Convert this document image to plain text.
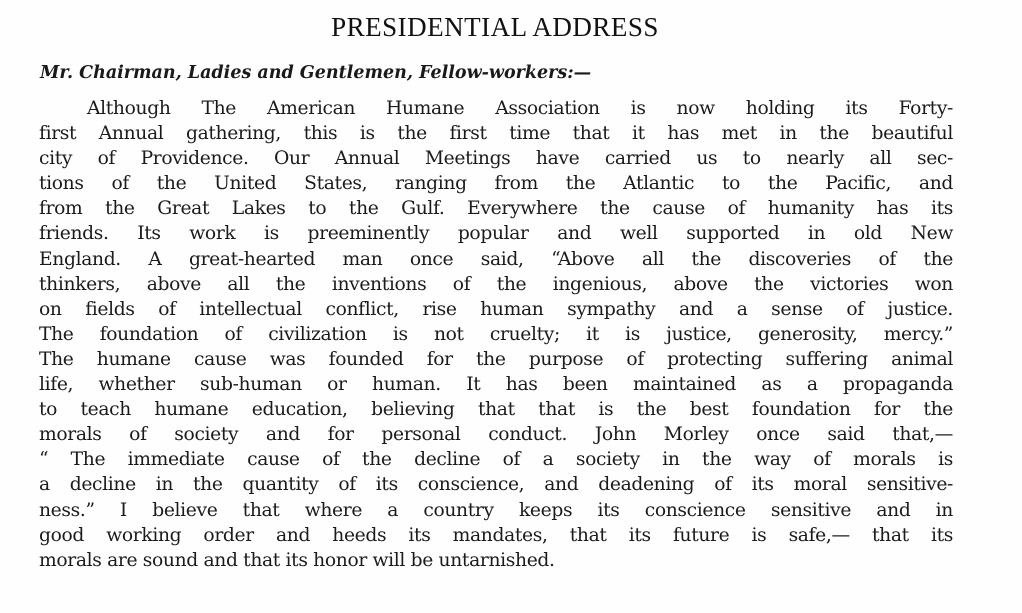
PRESIDENTIAL ADDRESS
Mr. Chairman, Ladies and Gentlemen, Fellow-workers:—
Although The American Humane Association is now holding its Forty-
first Annual gathering, this is the first time that it has met in the beautiful
city of Providence. Our Annual Meetings have carried us to nearly all sec-
tions of the United States, ranging from the Atlantic to the Pacific, and
from the Great Lakes to the Gulf. Everywhere the cause of humanity has its
friends. Its work is preeminently popular and well supported in old New
England. A great-hearted man once said, “Above all the discoveries of the
thinkers, above all the inventions of the ingenious, above the victories won
on fields of intellectual conflict, rise human sympathy and a sense of justice.
The foundation of civilization is not cruelty; it is justice, generosity, mercy.”
The humane cause was founded for the purpose of protecting suffering animal
life, whether sub-human or human. It has been maintained as a propaganda
to teach humane education, believing that that is the best foundation for the
morals of society and for personal conduct. John Morley once said that,—
“ The immediate cause of the decline of a society in the way of morals is
a decline in the quantity of its conscience, and deadening of its moral sensitive-
ness.” I believe that where a country keeps its conscience sensitive and in
good working order and heeds its mandates, that its future is safe,— that its
morals are sound and that its honor will be untarnished.
